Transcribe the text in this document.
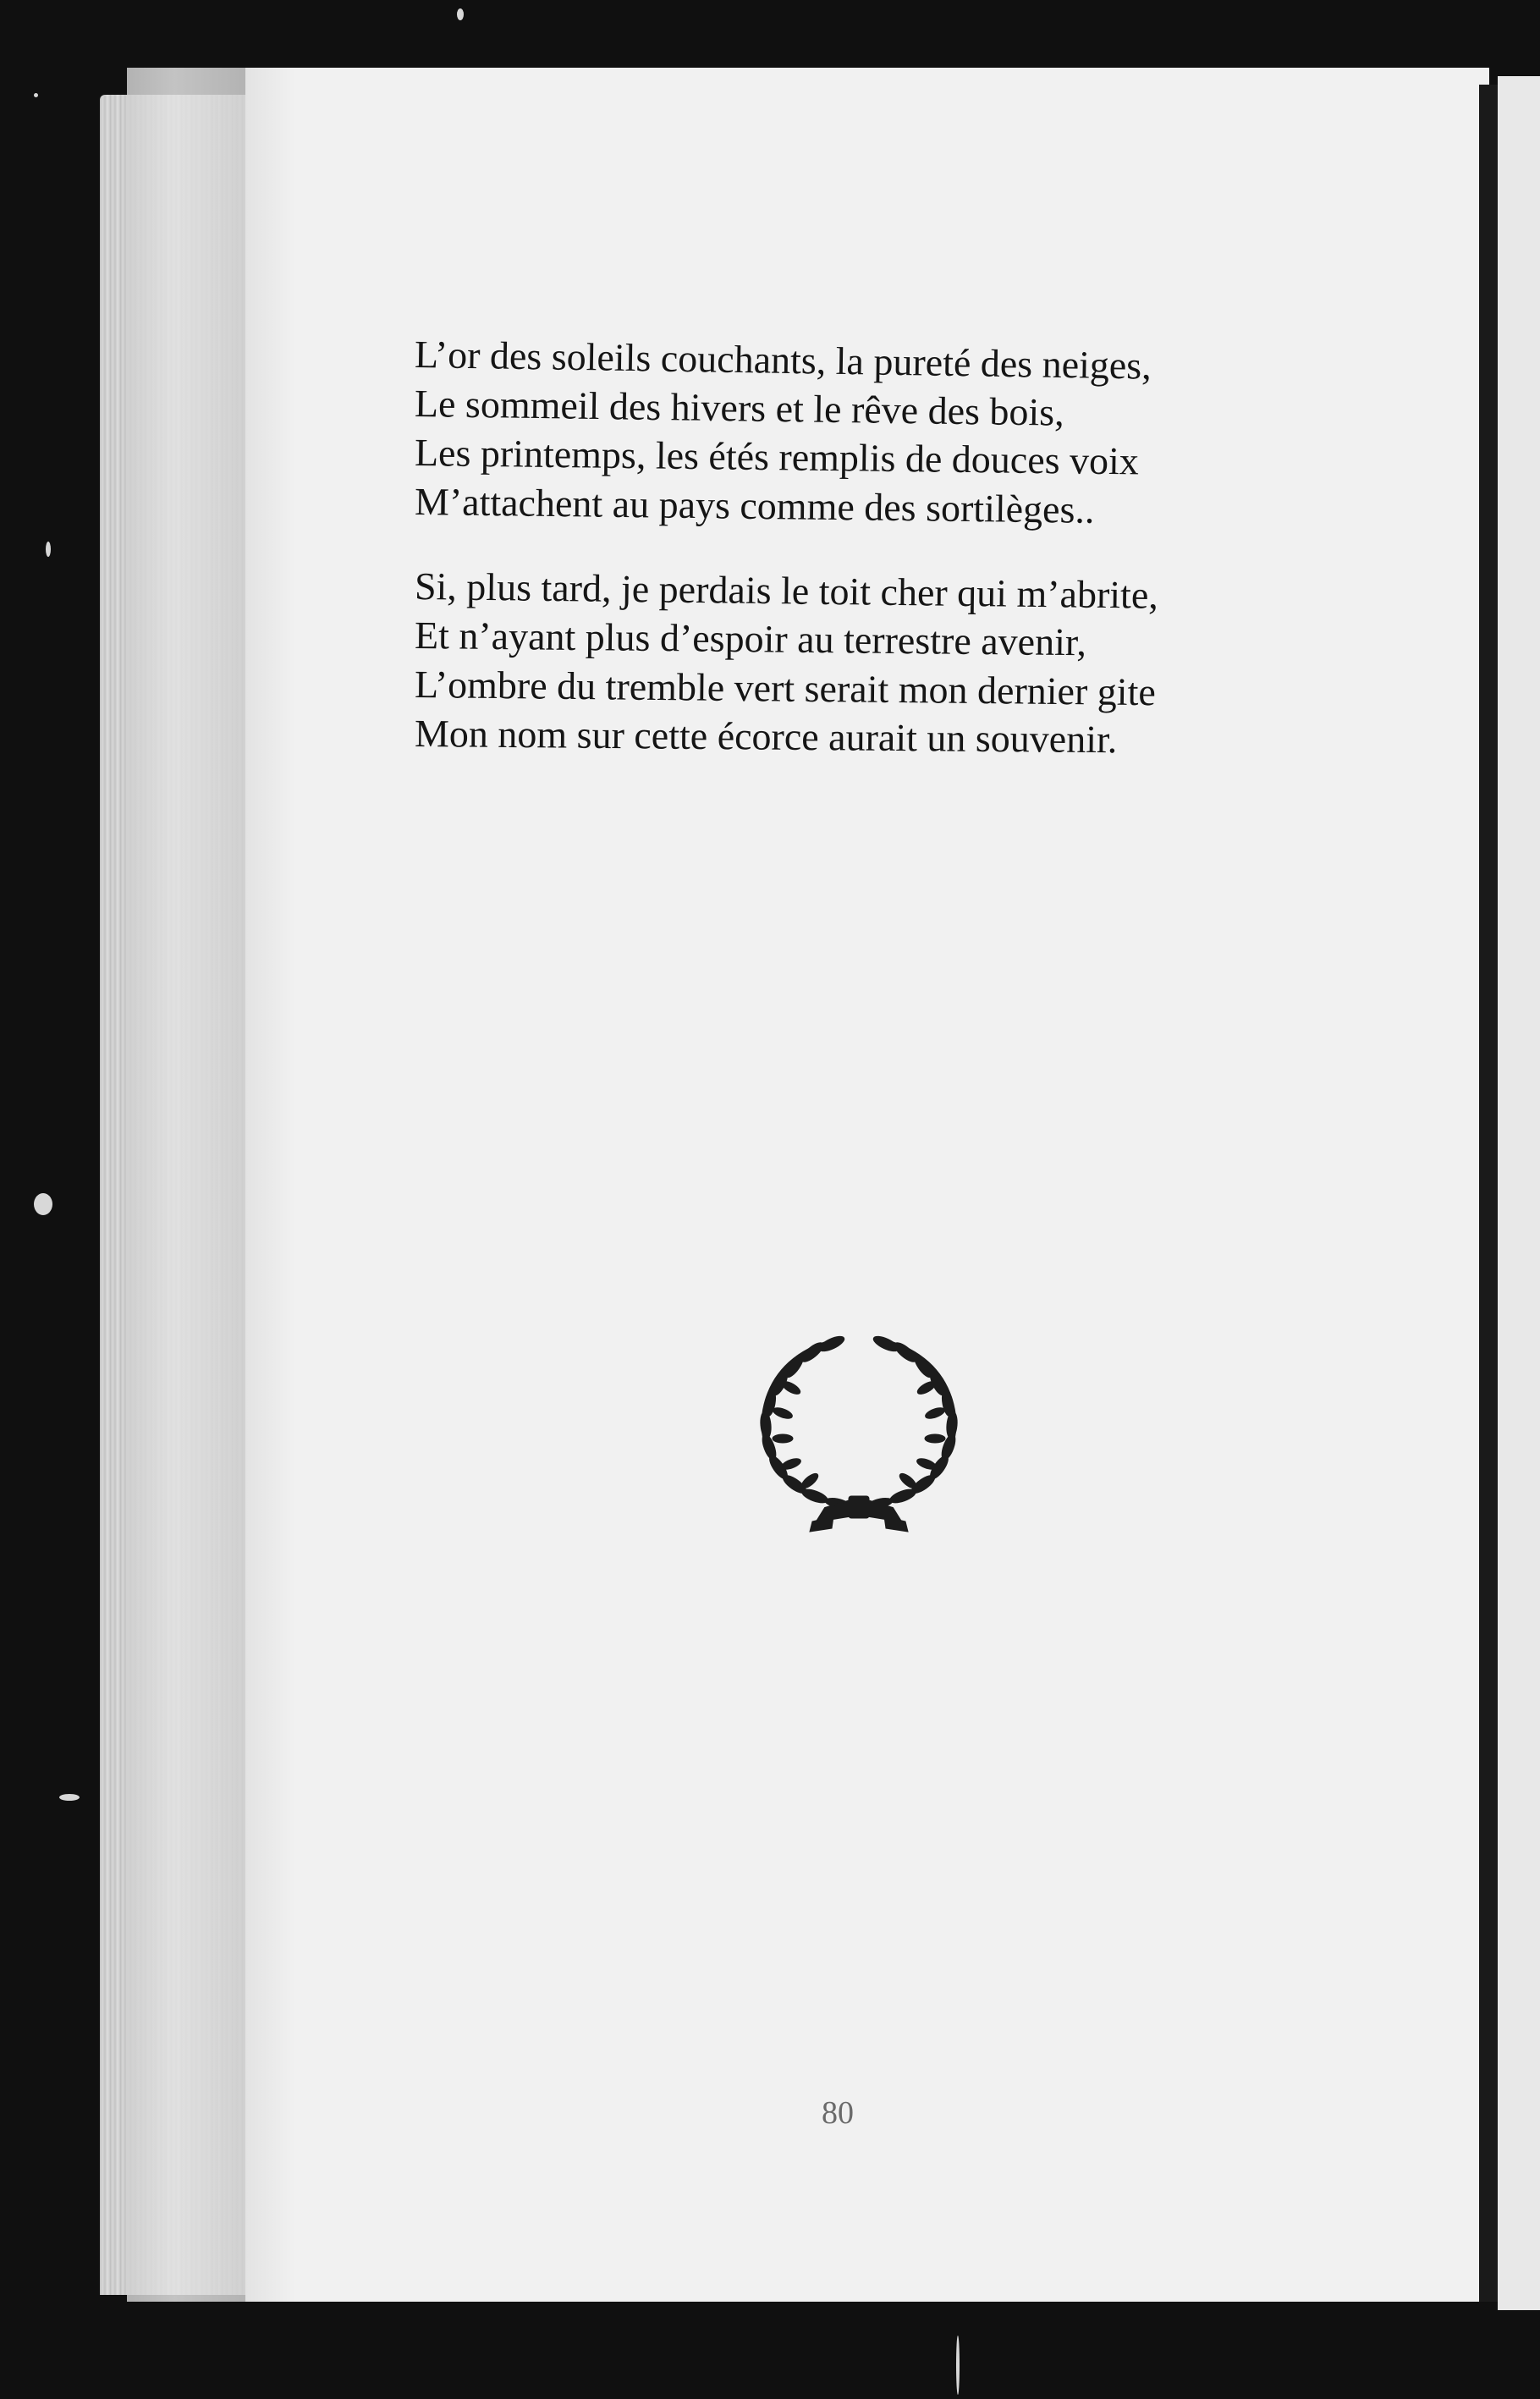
L’or des soleils couchants, la pureté des neiges,
Le sommeil des hivers et le rêve des bois,
Les printemps, les étés remplis de douces voix
M’attachent au pays comme des sortilèges..
Si, plus tard, je perdais le toit cher qui m’abrite,
Et n’ayant plus d’espoir au terrestre avenir,
L’ombre du tremble vert serait mon dernier gite
Mon nom sur cette écorce aurait un souvenir.
80
